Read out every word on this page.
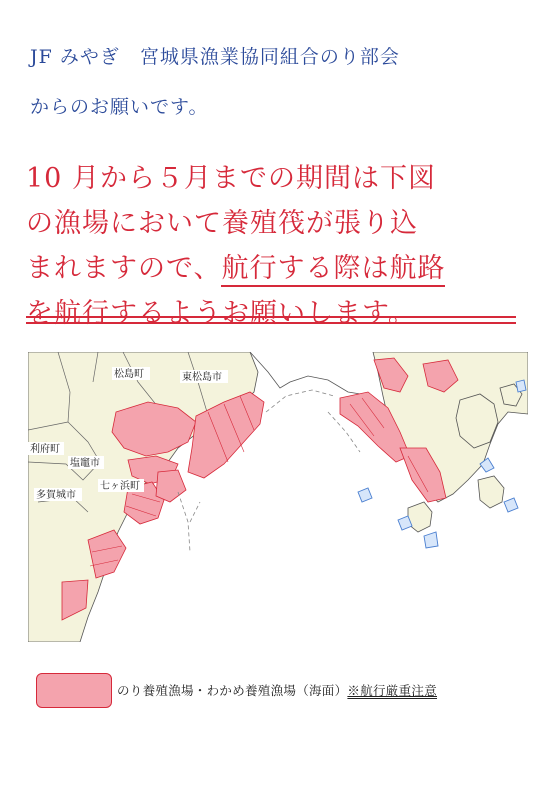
JF みやぎ　宮城県漁業協同組合のり部会
からのお願いです。
10 月から５月までの期間は下図
の漁場において養殖筏が張り込
まれますので、航行する際は航路
を航行するようお願いします。
松島町	東松島市
利府町
塩竈市
七ヶ浜町
多賀城市
のり養殖漁場・わかめ養殖漁場（海面）※航行厳重注意
